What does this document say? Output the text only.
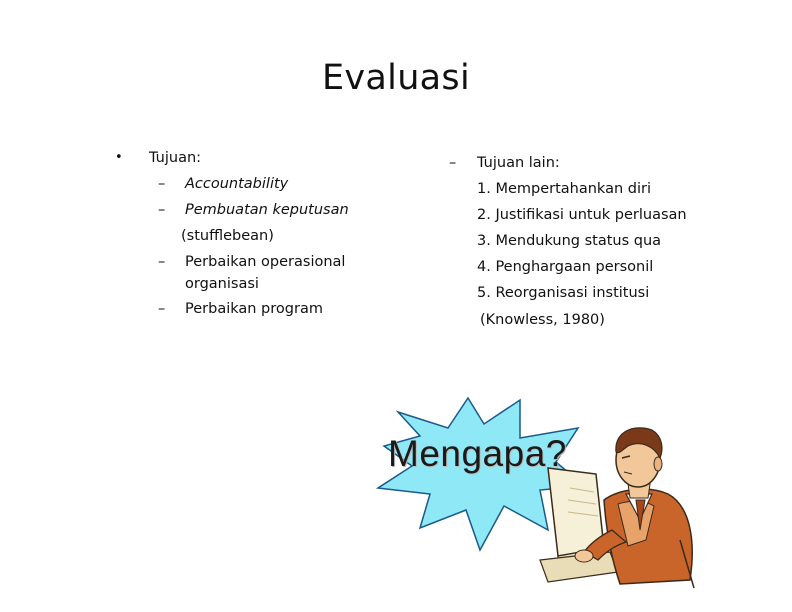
Evaluasi
• Tujuan:
– Accountability
– Pembuatan keputusan
(stufflebean)
– Perbaikan operasional
organisasi
– Perbaikan program
– Tujuan lain:
1. Mempertahankan diri
2. Justifikasi untuk perluasan
3. Mendukung status qua
4. Penghargaan personil
5. Reorganisasi institusi
(Knowless, 1980)
Mengapa?
